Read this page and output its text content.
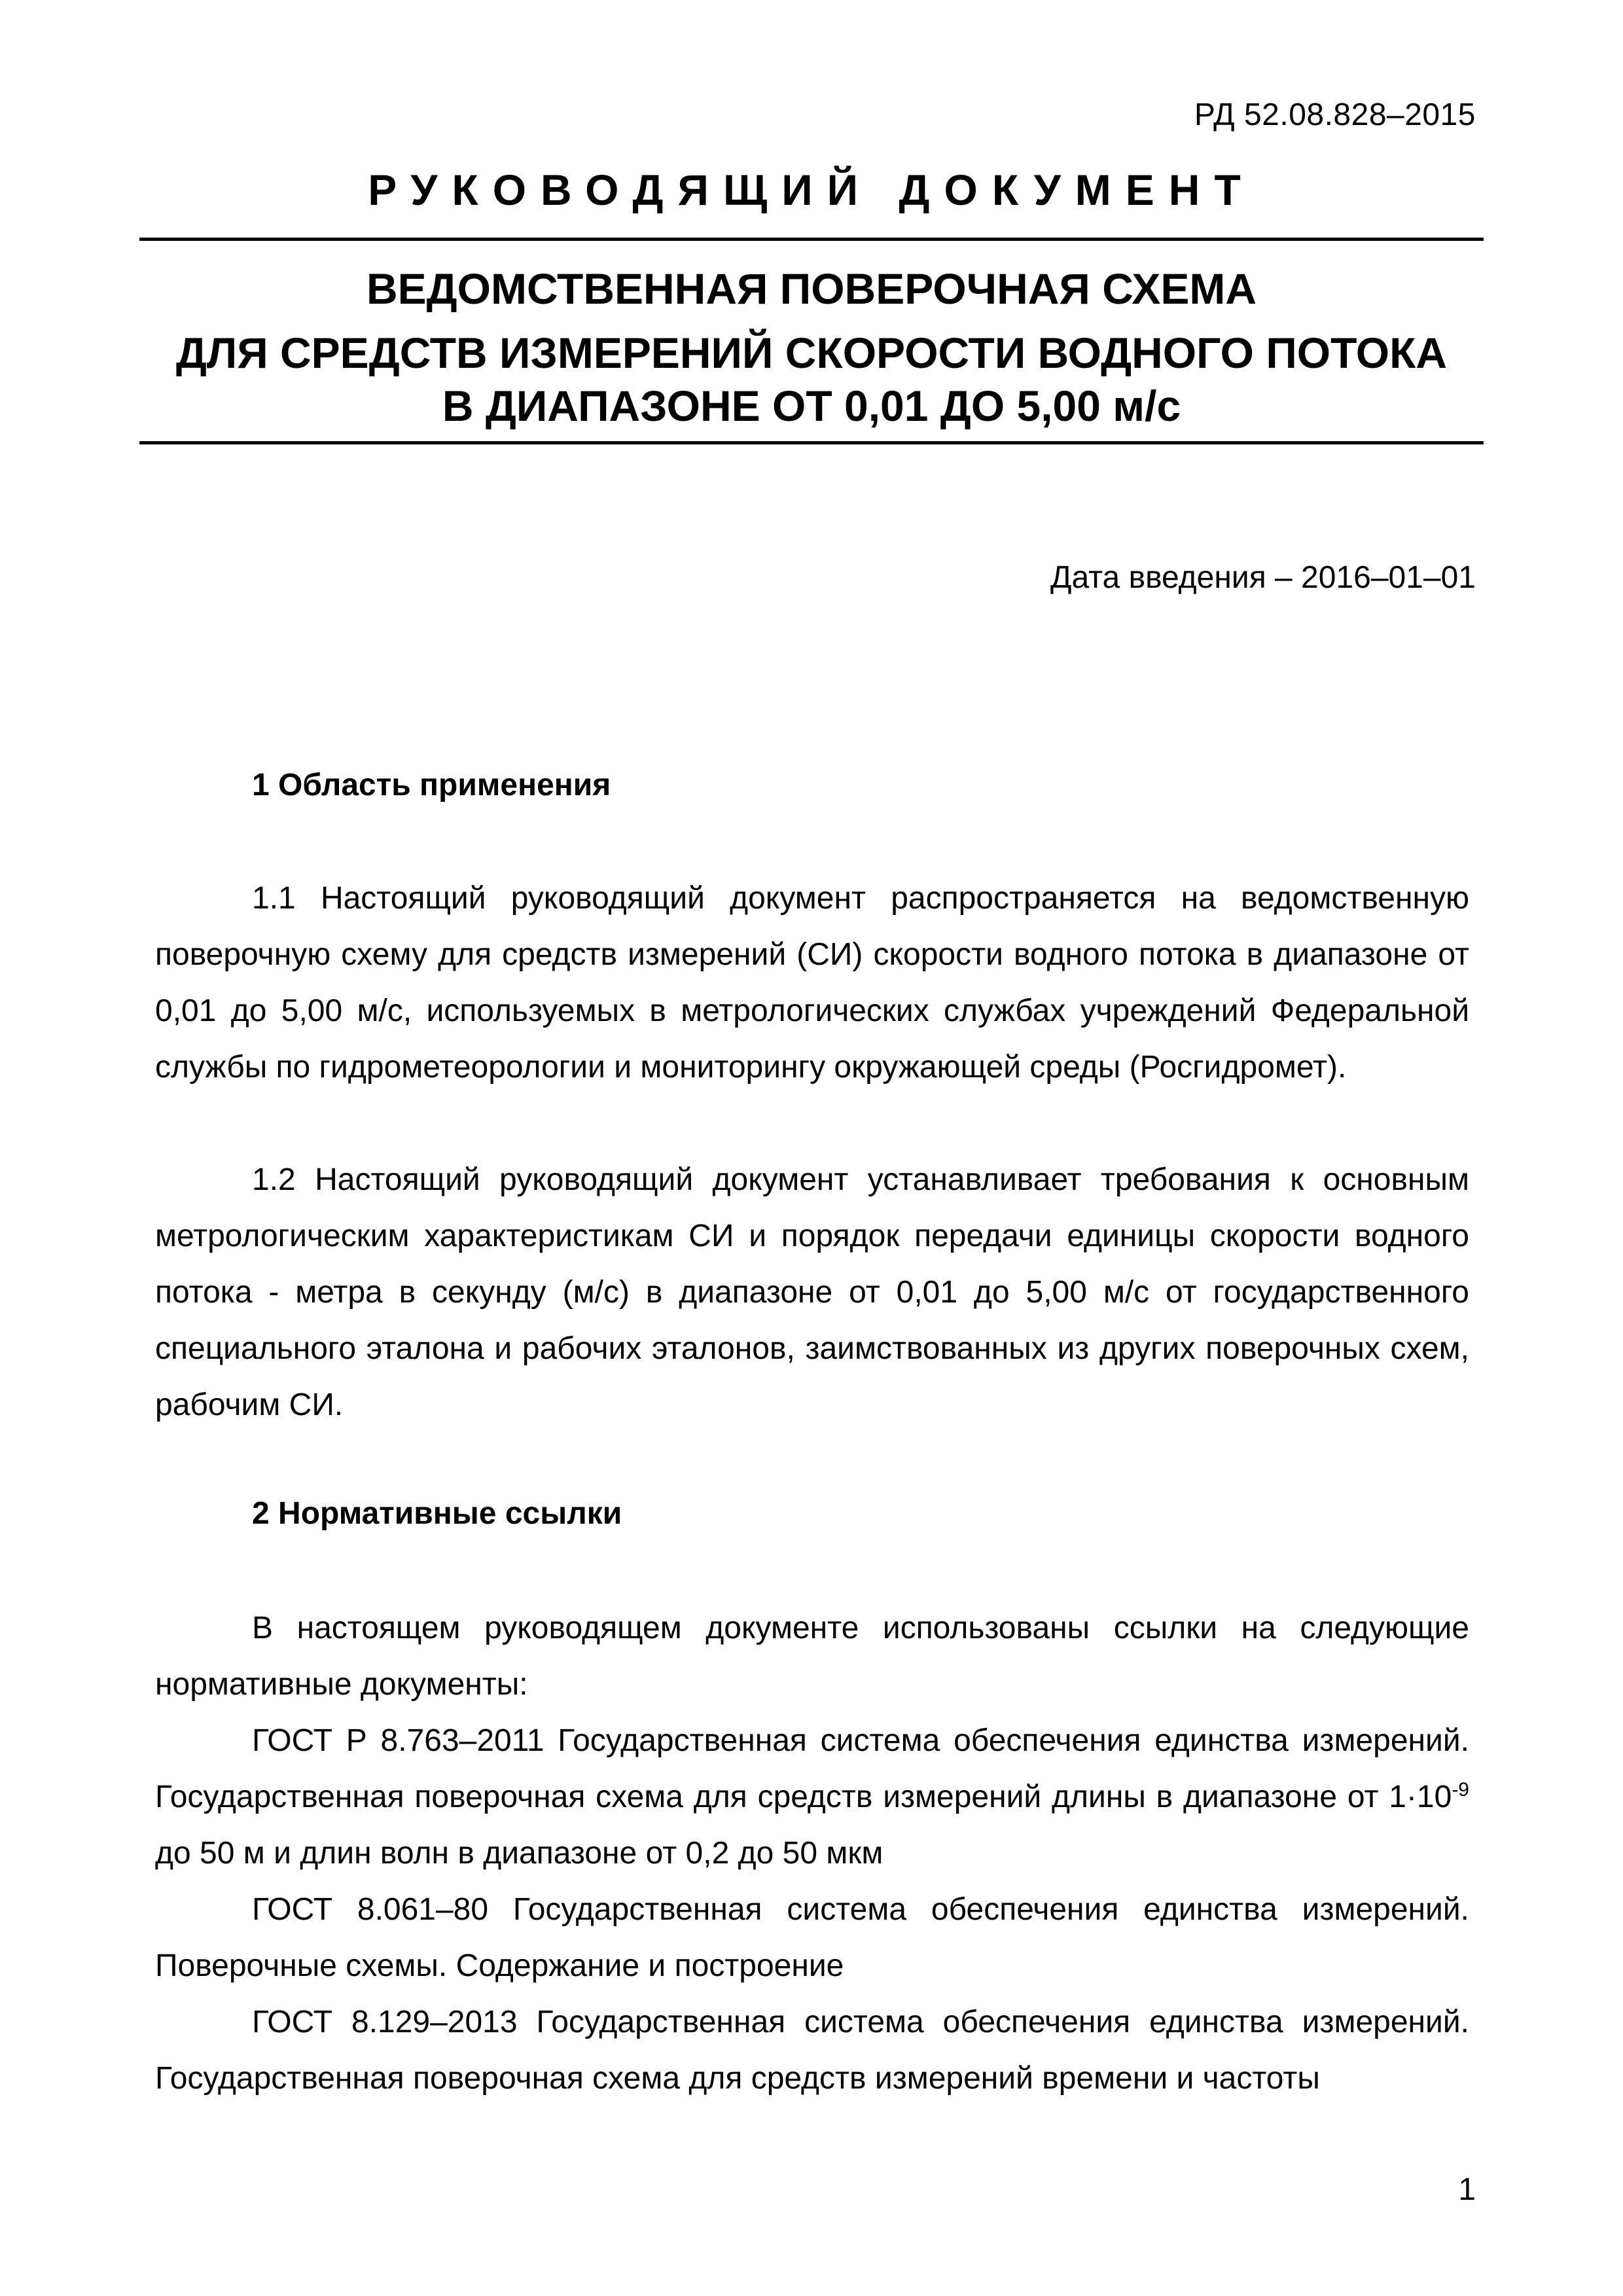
РД 52.08.828–2015
РУКОВОДЯЩИЙ ДОКУМЕНТ
ВЕДОМСТВЕННАЯ ПОВЕРОЧНАЯ СХЕМА
ДЛЯ СРЕДСТВ ИЗМЕРЕНИЙ СКОРОСТИ ВОДНОГО ПОТОКА
В ДИАПАЗОНЕ ОТ 0,01 ДО 5,00 м/с
Дата введения – 2016–01–01
1 Область применения
1.1 Настоящий руководящий документ распространяется на ведомственную поверочную схему для средств измерений (СИ) скорости водного потока в диапазоне от 0,01 до 5,00 м/с, используемых в метрологических службах учреждений Федеральной службы по гидрометеорологии и мониторингу окружающей среды (Росгидромет).
1.2 Настоящий руководящий документ устанавливает требования к основным метрологическим характеристикам СИ и порядок передачи единицы скорости водного потока - метра в секунду (м/с) в диапазоне от 0,01 до 5,00 м/с от государственного специального эталона и рабочих эталонов, заимствованных из других поверочных схем, рабочим СИ.
2 Нормативные ссылки
В настоящем руководящем документе использованы ссылки на следующие нормативные документы:
ГОСТ Р 8.763–2011 Государственная система обеспечения единства измерений. Государственная поверочная схема для средств измерений длины в диапазоне от $1\cdot 10^{-9}$ до 50 м и длин волн в диапазоне от 0,2 до 50 мкм
ГОСТ 8.061–80 Государственная система обеспечения единства измерений. Поверочные схемы. Содержание и построение
ГОСТ 8.129–2013 Государственная система обеспечения единства измерений. Государственная поверочная схема для средств измерений времени и частоты
1
